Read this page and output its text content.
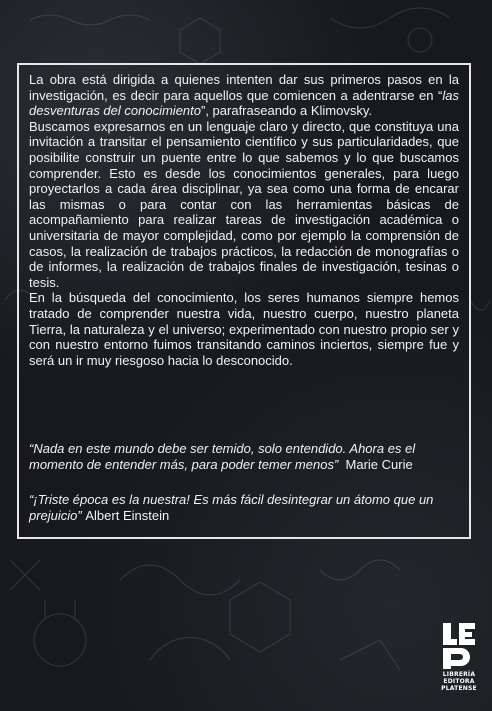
La obra está dirigida a quienes intenten dar sus primeros pasos en la investigación, es decir para aquellos que comiencen a adentrarse en “las desventuras del conocimiento”, parafraseando a Klimovsky.

Buscamos expresarnos en un lenguaje claro y directo, que constituya una invitación a transitar el pensamiento científico y sus particularidades, que posibilite construir un puente entre lo que sabemos y lo que buscamos comprender. Esto es desde los conocimientos generales, para luego proyectarlos a cada área disciplinar, ya sea como una forma de encarar las mismas o para contar con las herramientas básicas de acompañamiento para realizar tareas de investigación académica o universitaria de mayor complejidad, como por ejemplo la comprensión de casos, la realización de trabajos prácticos, la redacción de monografías o de informes, la realización de trabajos finales de investigación, tesinas o tesis.

En la búsqueda del conocimiento, los seres humanos siempre hemos tratado de comprender nuestra vida, nuestro cuerpo, nuestro planeta Tierra, la naturaleza y el universo; experimentado con nuestro propio ser y con nuestro entorno fuimos transitando caminos inciertos, siempre fue y será un ir muy riesgoso hacia lo desconocido.

“Nada en este mundo debe ser temido, solo entendido. Ahora es el momento de entender más, para poder temer menos” Marie Curie

“¡Triste época es la nuestra! Es más fácil desintegrar un átomo que un prejuicio” Albert Einstein

LIBRERÍA
EDITORA
PLATENSE
